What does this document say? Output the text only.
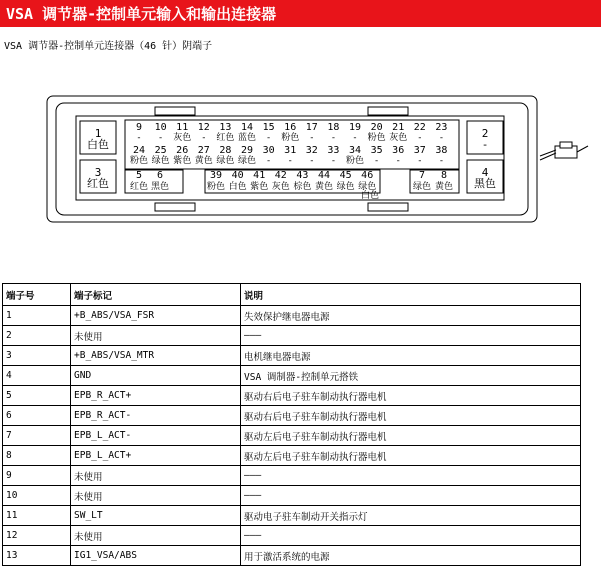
VSA 调节器-控制单元输入和输出连接器
VSA 调节器-控制单元连接器（46 针）阴端子
1
白色
2
-
3
红色
4
黑色
5
红色
6
黑色
7
绿色
8
黄色
9
-
10
-
11
灰色
12
-
13
红色
14
蓝色
15
-
16
粉色
17
-
18
-
19
-
20
粉色
21
灰色
22
-
23
-
24
粉色
25
绿色
26
紫色
27
黄色
28
绿色
29
绿色
30
-
31
-
32
-
33
-
34
粉色
35
-
36
-
37
-
38
-
39
粉色
40
白色
41
紫色
42
灰色
43
棕色
44
黄色
45
绿色
46
绿色
白色
端子号	端子标记	说明
1	+B_ABS/VSA_FSR	失效保护继电器电源
2	未使用	———
3	+B_ABS/VSA_MTR	电机继电器电源
4	GND	VSA 调制器-控制单元搭铁
5	EPB_R_ACT+	驱动右后电子驻车制动执行器电机
6	EPB_R_ACT-	驱动右后电子驻车制动执行器电机
7	EPB_L_ACT-	驱动左后电子驻车制动执行器电机
8	EPB_L_ACT+	驱动左后电子驻车制动执行器电机
9	未使用	———
10	未使用	———
11	SW_LT	驱动电子驻车制动开关指示灯
12	未使用	———
13	IG1_VSA/ABS	用于激活系统的电源
